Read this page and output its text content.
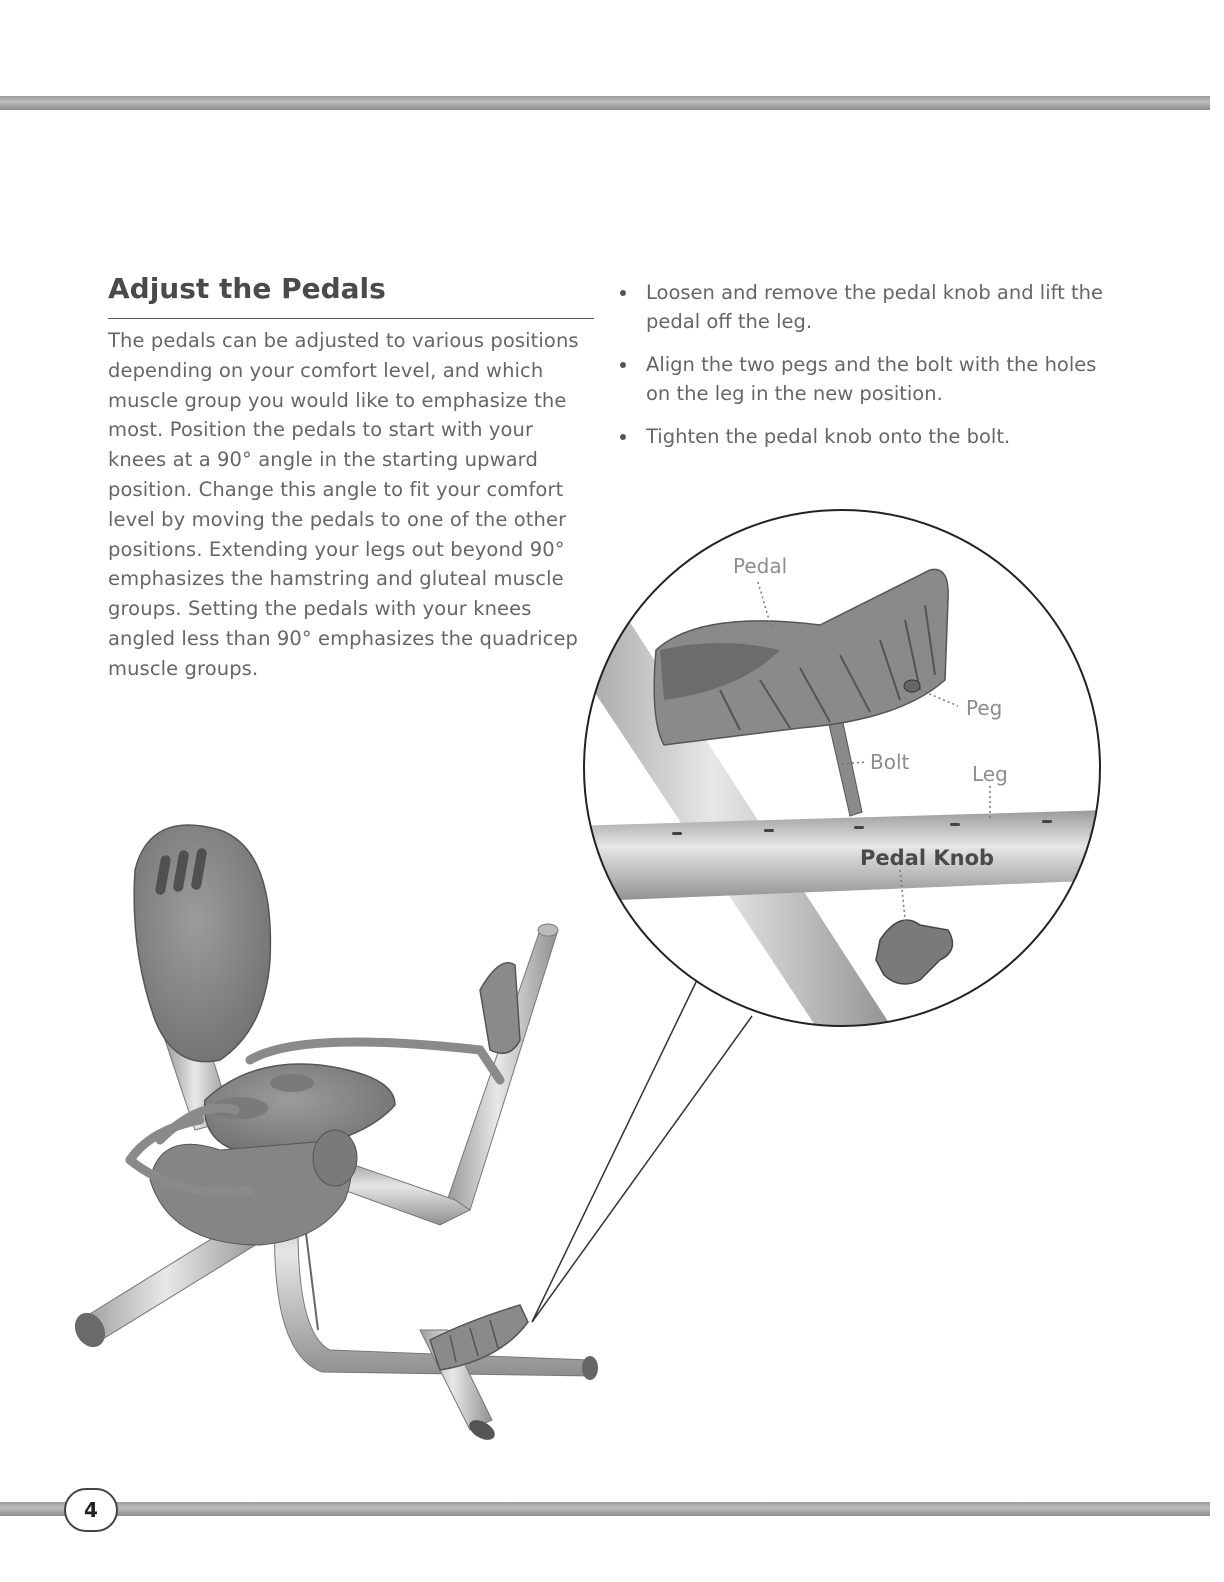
Adjust the Pedals

The pedals can be adjusted to various positions depending on your comfort level, and which muscle group you would like to emphasize the most. Position the pedals to start with your knees at a 90° angle in the starting upward position. Change this angle to fit your comfort level by moving the pedals to one of the other positions. Extending your legs out beyond 90° emphasizes the hamstring and gluteal muscle groups. Setting the pedals with your knees angled less than 90° emphasizes the quadricep muscle groups.

Loosen and remove the pedal knob and lift the pedal off the leg.
Align the two pegs and the bolt with the holes on the leg in the new position.
Tighten the pedal knob onto the bolt.
Pedal
Peg
Bolt	Leg
Pedal Knob
4
